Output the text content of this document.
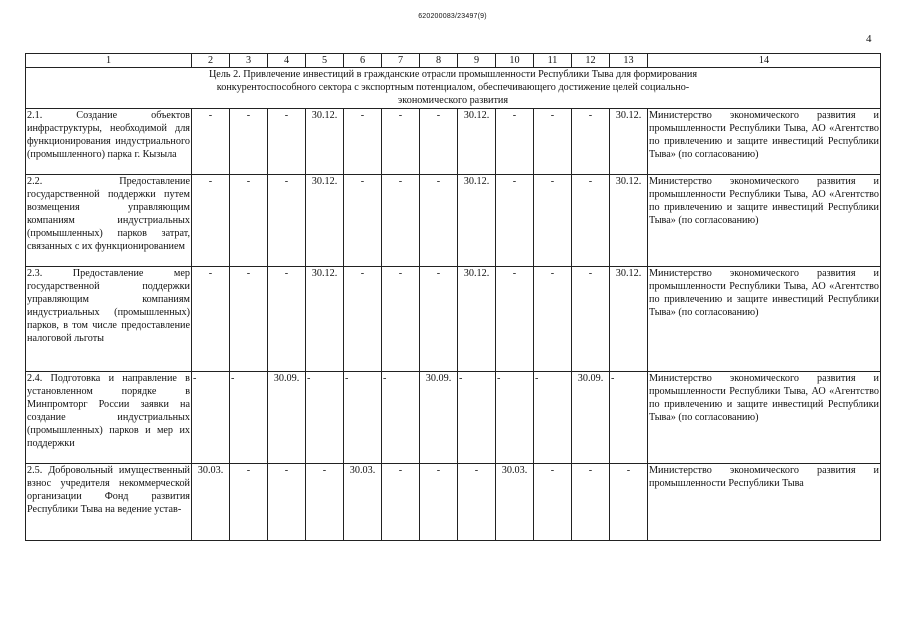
620200083/23497(9)
4
1	2	3	4	5	6	7	8	9	10	11	12	13	14

Цель 2. Привлечение инвестиций в гражданские отрасли промышленности Республики Тыва для формирования конкурентоспособного сектора с экспортным потенциалом, обеспечивающего достижение целей социально-экономического развития													

2.1. Создание объектов инфраструктуры, необходимой для функционирования индустриального (промышленного) парка г. Кызыла	-	-	-	30.12.	-	-	-	30.12.	-	-	-	30.12.	Министерство экономического развития и промышленности Республики Тыва, АО «Агентство по привлечению и защите инвестиций Республики Тыва» (по согласованию)
2.2. Предоставление государственной поддержки путем возмещения управляющим компаниям индустриальных (промышленных) парков затрат, связанных с их функционированием	-	-	-	30.12.	-	-	-	30.12.	-	-	-	30.12.	Министерство экономического развития и промышленности Республики Тыва, АО «Агентство по привлечению и защите инвестиций Республики Тыва» (по согласованию)
2.3. Предоставление мер государственной поддержки управляющим компаниям индустриальных (промышленных) парков, в том числе предоставление налоговой льготы	-	-	-	30.12.	-	-	-	30.12.	-	-	-	30.12.	Министерство экономического развития и промышленности Республики Тыва, АО «Агентство по привлечению и защите инвестиций Республики Тыва» (по согласованию)
2.4. Подготовка и направление в установленном порядке в Минпромторг России заявки на создание индустриальных (промышленных) парков и мер их поддержки	-	-	30.09.	-	-	-	30.09.	-	-	-	30.09.	-	Министерство экономического развития и промышленности Республики Тыва, АО «Агентство по привлечению и защите инвестиций Республики Тыва» (по согласованию)

2.5. Добровольный имущественный взнос учредителя некоммерческой организации Фонд развития Республики Тыва на ведение устав-	30.03.	-	-	-	30.03.	-	-	-	30.03.	-	-	-	Министерство экономического развития и промышленности Республики Тыва
